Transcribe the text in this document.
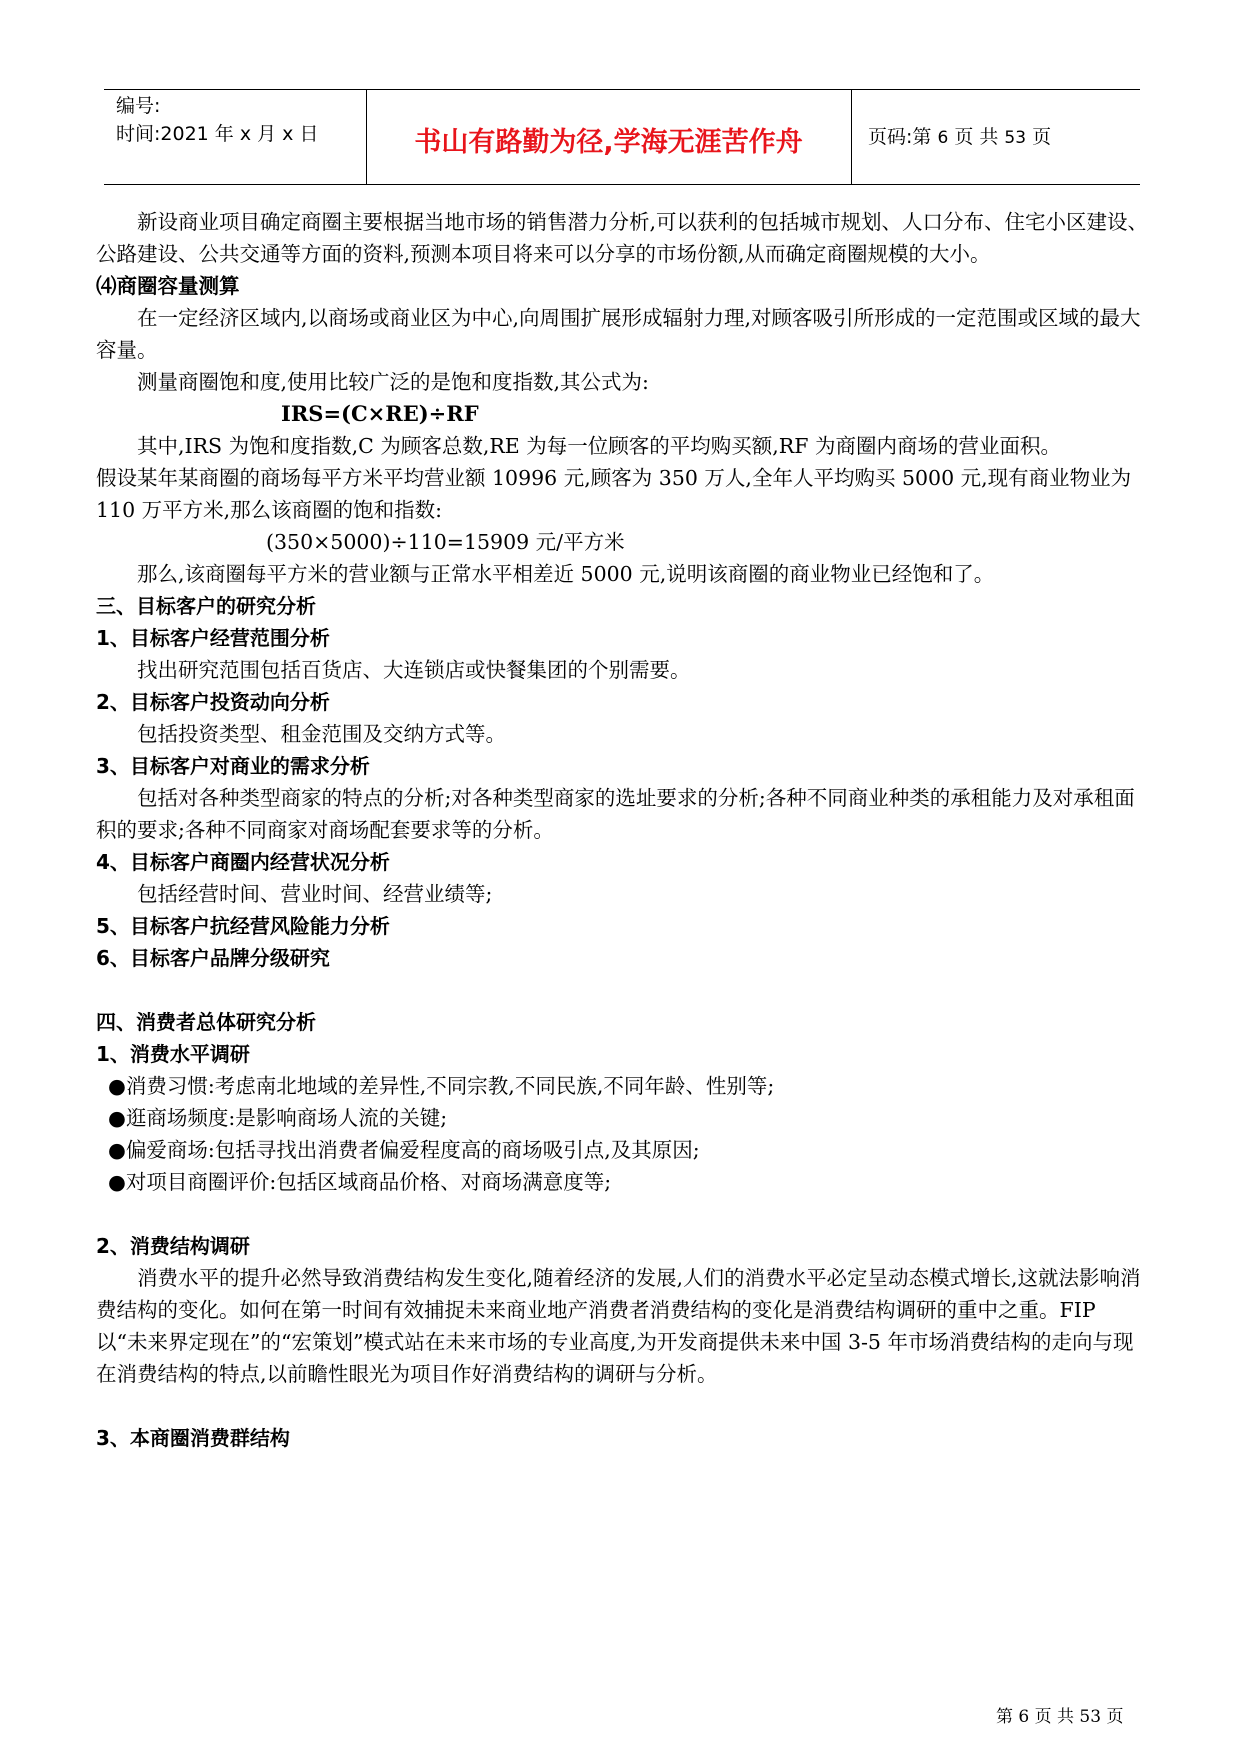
编号:
时间:2021 年 x 月 x 日	书山有路勤为径,学海无涯苦作舟	页码:第 6 页 共 53 页

新设商业项目确定商圈主要根据当地市场的销售潜力分析,可以获利的包括城市规划、人口分布、住宅小区建设、公路建设、公共交通等方面的资料,预测本项目将来可以分享的市场份额,从而确定商圈规模的大小。

⑷商圈容量测算

在一定经济区域内,以商场或商业区为中心,向周围扩展形成辐射力理,对顾客吸引所形成的一定范围或区域的最大容量。

测量商圈饱和度,使用比较广泛的是饱和度指数,其公式为:

IRS=(C×RE)÷RF

其中,IRS 为饱和度指数,C 为顾客总数,RE 为每一位顾客的平均购买额,RF 为商圈内商场的营业面积。

假设某年某商圈的商场每平方米平均营业额 10996 元,顾客为 350 万人,全年人平均购买 5000 元,现有商业物业为 110 万平方米,那么该商圈的饱和指数:

(350×5000)÷110=15909 元/平方米

那么,该商圈每平方米的营业额与正常水平相差近 5000 元,说明该商圈的商业物业已经饱和了。

三、目标客户的研究分析

1、目标客户经营范围分析

找出研究范围包括百货店、大连锁店或快餐集团的个别需要。

2、目标客户投资动向分析

包括投资类型、租金范围及交纳方式等。

3、目标客户对商业的需求分析

包括对各种类型商家的特点的分析;对各种类型商家的选址要求的分析;各种不同商业种类的承租能力及对承租面积的要求;各种不同商家对商场配套要求等的分析。

4、目标客户商圈内经营状况分析

包括经营时间、营业时间、经营业绩等;

5、目标客户抗经营风险能力分析

6、目标客户品牌分级研究

四、消费者总体研究分析

1、消费水平调研

●消费习惯:考虑南北地域的差异性,不同宗教,不同民族,不同年龄、性别等;

●逛商场频度:是影响商场人流的关键;

●偏爱商场:包括寻找出消费者偏爱程度高的商场吸引点,及其原因;

●对项目商圈评价:包括区域商品价格、对商场满意度等;

2、消费结构调研

消费水平的提升必然导致消费结构发生变化,随着经济的发展,人们的消费水平必定呈动态模式增长,这就法影响消费结构的变化。如何在第一时间有效捕捉未来商业地产消费者消费结构的变化是消费结构调研的重中之重。FIP 以“未来界定现在”的“宏策划”模式站在未来市场的专业高度,为开发商提供未来中国 3-5 年市场消费结构的走向与现在消费结构的特点,以前瞻性眼光为项目作好消费结构的调研与分析。

3、本商圈消费群结构

第 6 页 共 53 页
